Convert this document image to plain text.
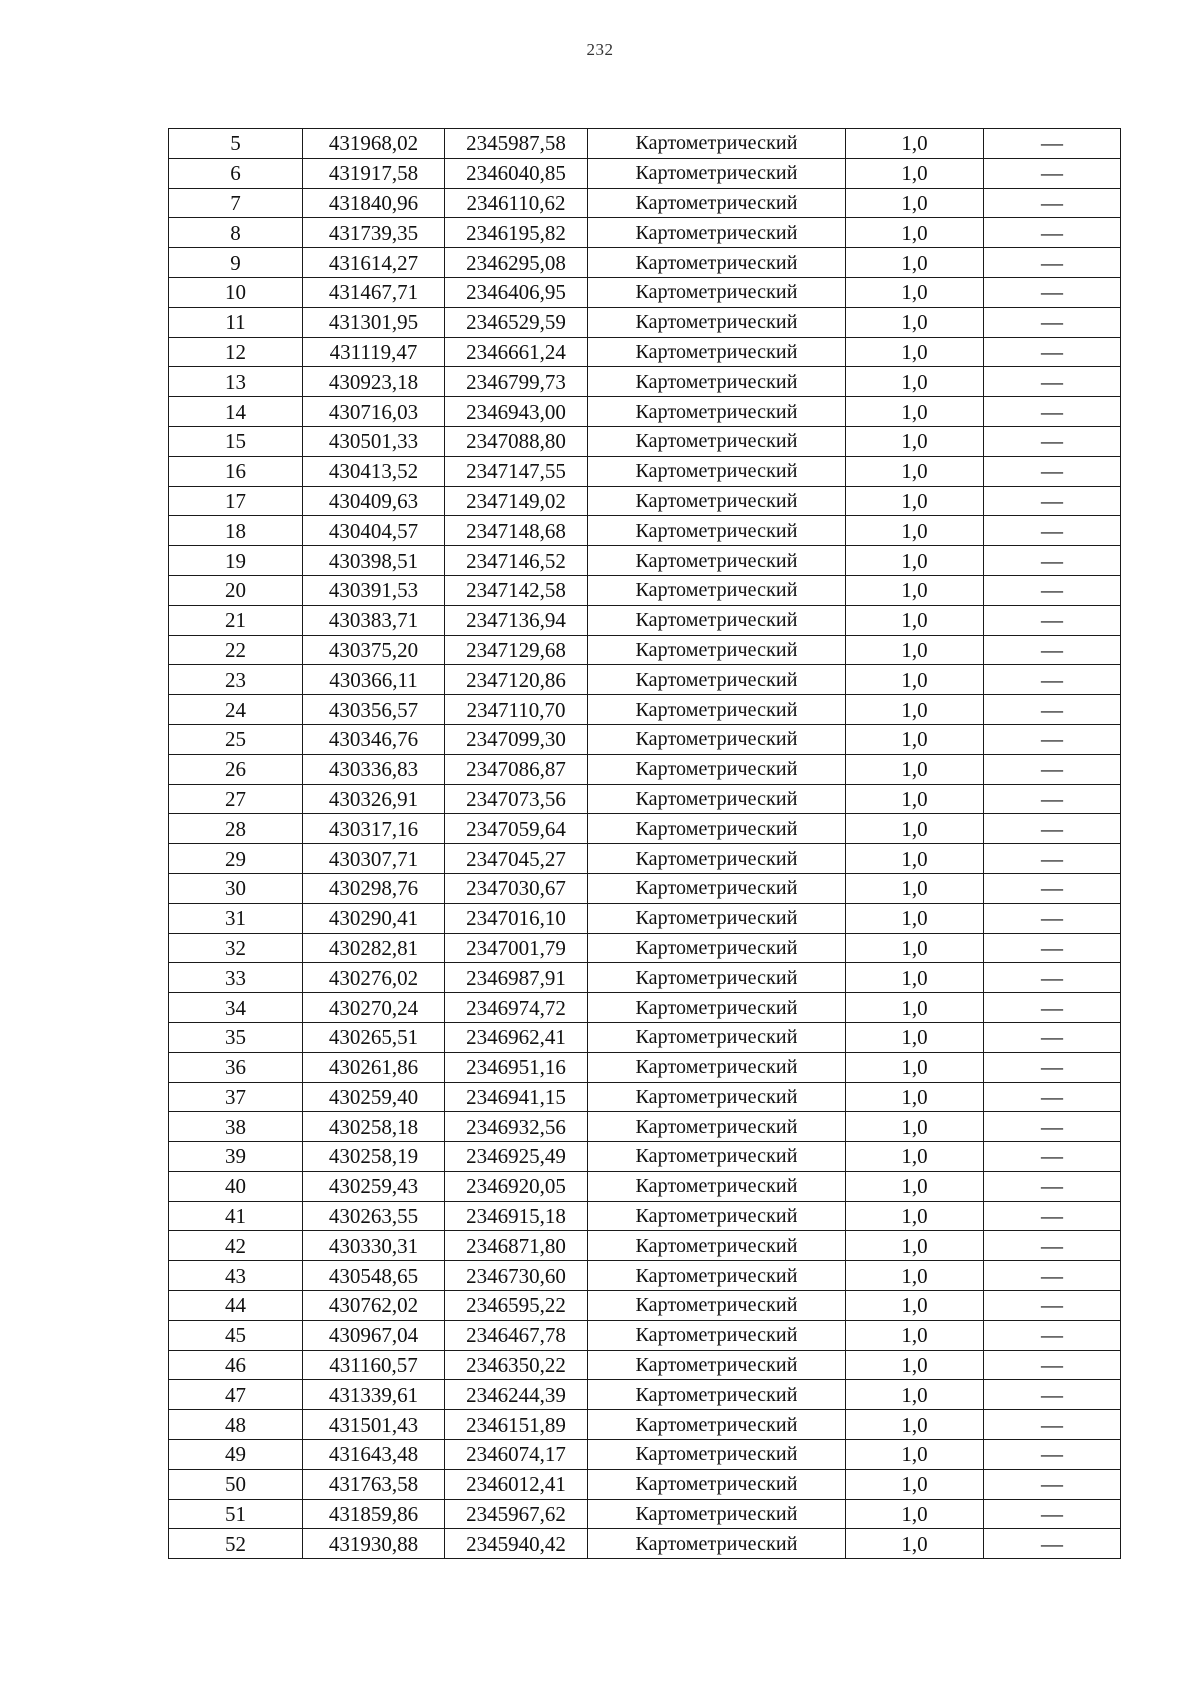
232
5	431968,02	2345987,58	Картометрический	1,0	—
6	431917,58	2346040,85	Картометрический	1,0	—
7	431840,96	2346110,62	Картометрический	1,0	—
8	431739,35	2346195,82	Картометрический	1,0	—
9	431614,27	2346295,08	Картометрический	1,0	—
10	431467,71	2346406,95	Картометрический	1,0	—
11	431301,95	2346529,59	Картометрический	1,0	—
12	431119,47	2346661,24	Картометрический	1,0	—
13	430923,18	2346799,73	Картометрический	1,0	—
14	430716,03	2346943,00	Картометрический	1,0	—
15	430501,33	2347088,80	Картометрический	1,0	—
16	430413,52	2347147,55	Картометрический	1,0	—
17	430409,63	2347149,02	Картометрический	1,0	—
18	430404,57	2347148,68	Картометрический	1,0	—
19	430398,51	2347146,52	Картометрический	1,0	—
20	430391,53	2347142,58	Картометрический	1,0	—
21	430383,71	2347136,94	Картометрический	1,0	—
22	430375,20	2347129,68	Картометрический	1,0	—
23	430366,11	2347120,86	Картометрический	1,0	—
24	430356,57	2347110,70	Картометрический	1,0	—
25	430346,76	2347099,30	Картометрический	1,0	—
26	430336,83	2347086,87	Картометрический	1,0	—
27	430326,91	2347073,56	Картометрический	1,0	—
28	430317,16	2347059,64	Картометрический	1,0	—
29	430307,71	2347045,27	Картометрический	1,0	—
30	430298,76	2347030,67	Картометрический	1,0	—
31	430290,41	2347016,10	Картометрический	1,0	—
32	430282,81	2347001,79	Картометрический	1,0	—
33	430276,02	2346987,91	Картометрический	1,0	—
34	430270,24	2346974,72	Картометрический	1,0	—
35	430265,51	2346962,41	Картометрический	1,0	—
36	430261,86	2346951,16	Картометрический	1,0	—
37	430259,40	2346941,15	Картометрический	1,0	—
38	430258,18	2346932,56	Картометрический	1,0	—
39	430258,19	2346925,49	Картометрический	1,0	—
40	430259,43	2346920,05	Картометрический	1,0	—
41	430263,55	2346915,18	Картометрический	1,0	—
42	430330,31	2346871,80	Картометрический	1,0	—
43	430548,65	2346730,60	Картометрический	1,0	—
44	430762,02	2346595,22	Картометрический	1,0	—
45	430967,04	2346467,78	Картометрический	1,0	—
46	431160,57	2346350,22	Картометрический	1,0	—
47	431339,61	2346244,39	Картометрический	1,0	—
48	431501,43	2346151,89	Картометрический	1,0	—
49	431643,48	2346074,17	Картометрический	1,0	—
50	431763,58	2346012,41	Картометрический	1,0	—
51	431859,86	2345967,62	Картометрический	1,0	—
52	431930,88	2345940,42	Картометрический	1,0	—
